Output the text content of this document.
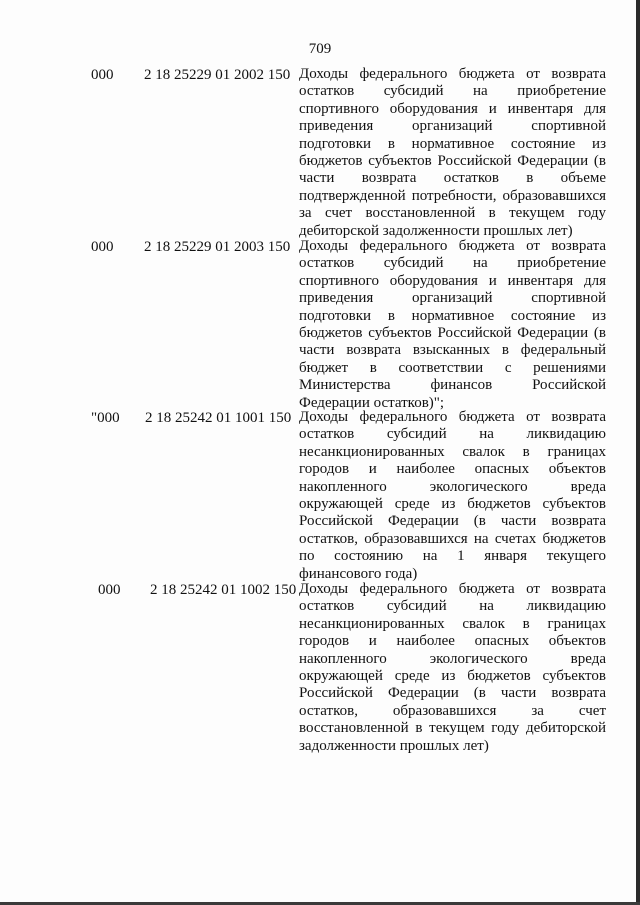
709
000 2 18 25229 01 2002 150 Доходы федерального бюджета от возврата остатков субсидий на приобретение спортивного оборудования и инвентаря для приведения организаций спортивной подготовки в нормативное состояние из бюджетов субъектов Российской Федерации (в части возврата остатков в объеме подтвержденной потребности, образовавшихся за счет восстановленной в текущем году дебиторской задолженности прошлых лет)
000 2 18 25229 01 2003 150 Доходы федерального бюджета от возврата остатков субсидий на приобретение спортивного оборудования и инвентаря для приведения организаций спортивной подготовки в нормативное состояние из бюджетов субъектов Российской Федерации (в части возврата взысканных в федеральный бюджет в соответствии с решениями Министерства финансов Российской Федерации остатков)";
"000 2 18 25242 01 1001 150 Доходы федерального бюджета от возврата остатков субсидий на ликвидацию несанкционированных свалок в границах городов и наиболее опасных объектов накопленного экологического вреда окружающей среде из бюджетов субъектов Российской Федерации (в части возврата остатков, образовавшихся на счетах бюджетов по состоянию на 1 января текущего финансового года)
000 2 18 25242 01 1002 150 Доходы федерального бюджета от возврата остатков субсидий на ликвидацию несанкционированных свалок в границах городов и наиболее опасных объектов накопленного экологического вреда окружающей среде из бюджетов субъектов Российской Федерации (в части возврата остатков, образовавшихся за счет восстановленной в текущем году дебиторской задолженности прошлых лет)
